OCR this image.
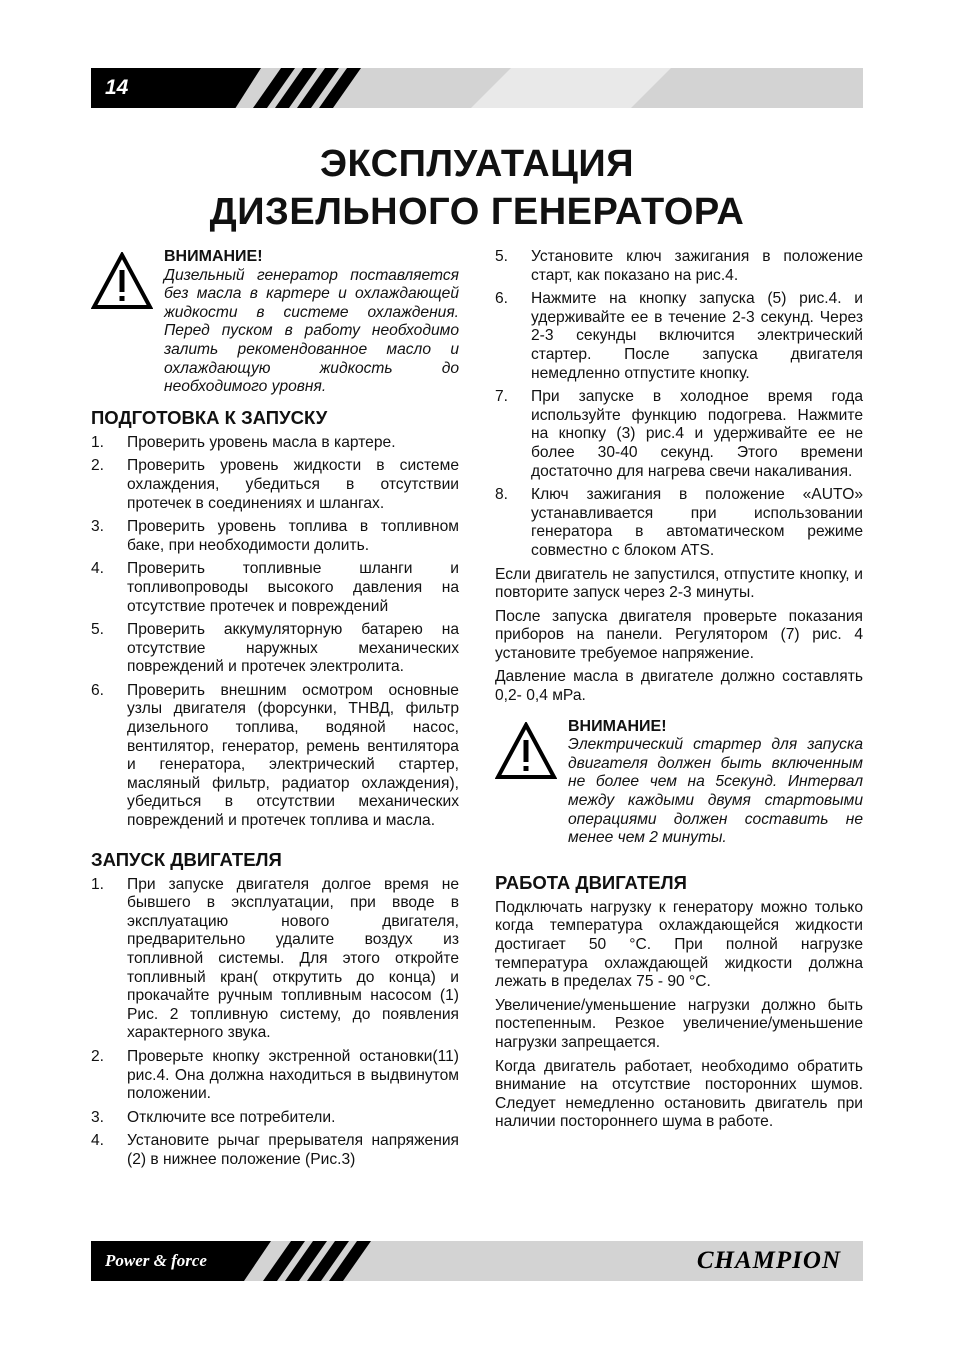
14
ЭКСПЛУАТАЦИЯ
ДИЗЕЛЬНОГО ГЕНЕРАТОРА
ВНИМАНИЕ!
Дизельный генератор поставляется без масла в картере и охлаждающей жидкости в системе охлаждения. Перед пуском в работу необходимо залить рекомендованное масло и охлаждающую жидкость до необходимого уровня.
ПОДГОТОВКА К ЗАПУСКУ
1. Проверить уровень масла в картере.
2. Проверить уровень жидкости в системе охлаждения, убедиться в отсутствии протечек в соединениях и шлангах.
3. Проверить уровень топлива в топливном баке, при необходимости долить.
4. Проверить топливные шланги и топливопроводы высокого давления на отсутствие протечек и повреждений
5. Проверить аккумуляторную батарею на отсутствие наружных механических повреждений и протечек электролита.
6. Проверить внешним осмотром основные узлы двигателя (форсунки, ТНВД, фильтр дизельного топлива, водяной насос, вентилятор, генератор, ремень вентилятора и генератора, электрический стартер, масляный фильтр, радиатор охлаждения), убедиться в отсутствии механических повреждений и протечек топлива и масла.
ЗАПУСК ДВИГАТЕЛЯ
1. При запуске двигателя долгое время не бывшего в эксплуатации, при вводе в эксплуатацию нового двигателя, предварительно удалите воздух из топливной системы. Для этого откройте топливный кран( открутить до конца) и прокачайте ручным топливным насосом (1) Рис. 2 топливную систему, до появления характерного звука.
2. Проверьте кнопку экстренной остановки(11) рис.4. Она должна находиться в выдвинутом положении.
3. Отключите все потребители.
4. Установите рычаг прерывателя напряжения (2) в нижнее положение (Рис.3)
5. Установите ключ зажигания в положение старт, как показано на рис.4.
6. Нажмите на кнопку запуска (5) рис.4. и удерживайте ее в течение 2-3 секунд. Через 2-3 секунды включится электрический стартер. После запуска двигателя немедленно отпустите кнопку.
7. При запуске в холодное время года используйте функцию подогрева. Нажмите на кнопку (3) рис.4 и удерживайте ее не более 30-40 секунд. Этого времени достаточно для нагрева свечи накаливания.
8. Ключ зажигания в положение «AUTO» устанавливается при использовании генератора в автоматическом режиме совместно с блоком ATS.

Если двигатель не запустился, отпустите кнопку, и повторите запуск через 2-3 минуты.

После запуска двигателя проверьте показания приборов на панели. Регулятором (7) рис. 4 установите требуемое напряжение.

Давление масла в двигателе должно составлять 0,2- 0,4 мРа.

ВНИМАНИЕ!
Электрический стартер для запуска двигателя должен быть включенным не более чем на 5секунд. Интервал между каждыми двумя стартовыми операциями должен составить не менее чем 2 минуты.
РАБОТА ДВИГАТЕЛЯ

Подключать нагрузку к генератору можно только когда температура охлаждающейся жидкости достигает 50 °C. При полной нагрузке температура охлаждающей жидкости должна лежать в пределах 75 - 90 °C.

Увеличение/уменьшение нагрузки должно быть постепенным. Резкое увеличение/уменьшение нагрузки запрещается.

Когда двигатель работает, необходимо обратить внимание на отсутствие посторонних шумов. Следует немедленно остановить двигатель при наличии постороннего шума в работе.

Power & force	CHAMPION
